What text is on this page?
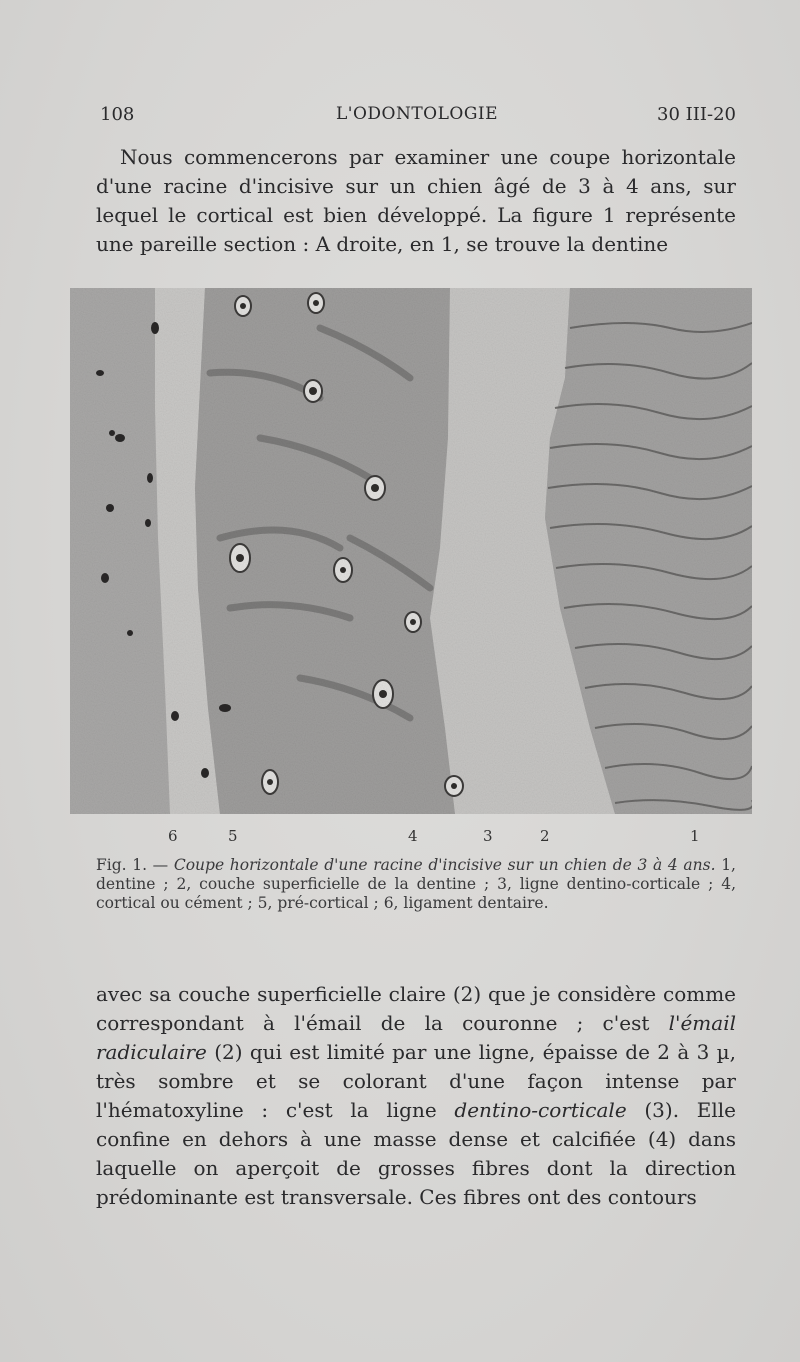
108	L'ODONTOLOGIE	30 III-20

Nous commencerons par examiner une coupe horizontale d'une racine d'incisive sur un chien âgé de 3 à 4 ans, sur lequel le cortical est bien développé. La figure 1 représente une pareille section : A droite, en 1, se trouve la dentine

6	5	4	3	2	1

Fig. 1. — Coupe horizontale d'une racine d'incisive sur un chien de 3 à 4 ans. 1, dentine ; 2, couche superficielle de la dentine ; 3, ligne dentino-corticale ; 4, cortical ou cément ; 5, pré-cortical ; 6, ligament dentaire.

avec sa couche superficielle claire (2) que je considère comme correspondant à l'émail de la couronne ; c'est l'émail radiculaire (2) qui est limité par une ligne, épaisse de 2 à 3 µ, très sombre et se colorant d'une façon intense par l'hématoxyline : c'est la ligne dentino-corticale (3). Elle confine en dehors à une masse dense et calcifiée (4) dans laquelle on aperçoit de grosses fibres dont la direction prédominante est transversale. Ces fibres ont des contours
